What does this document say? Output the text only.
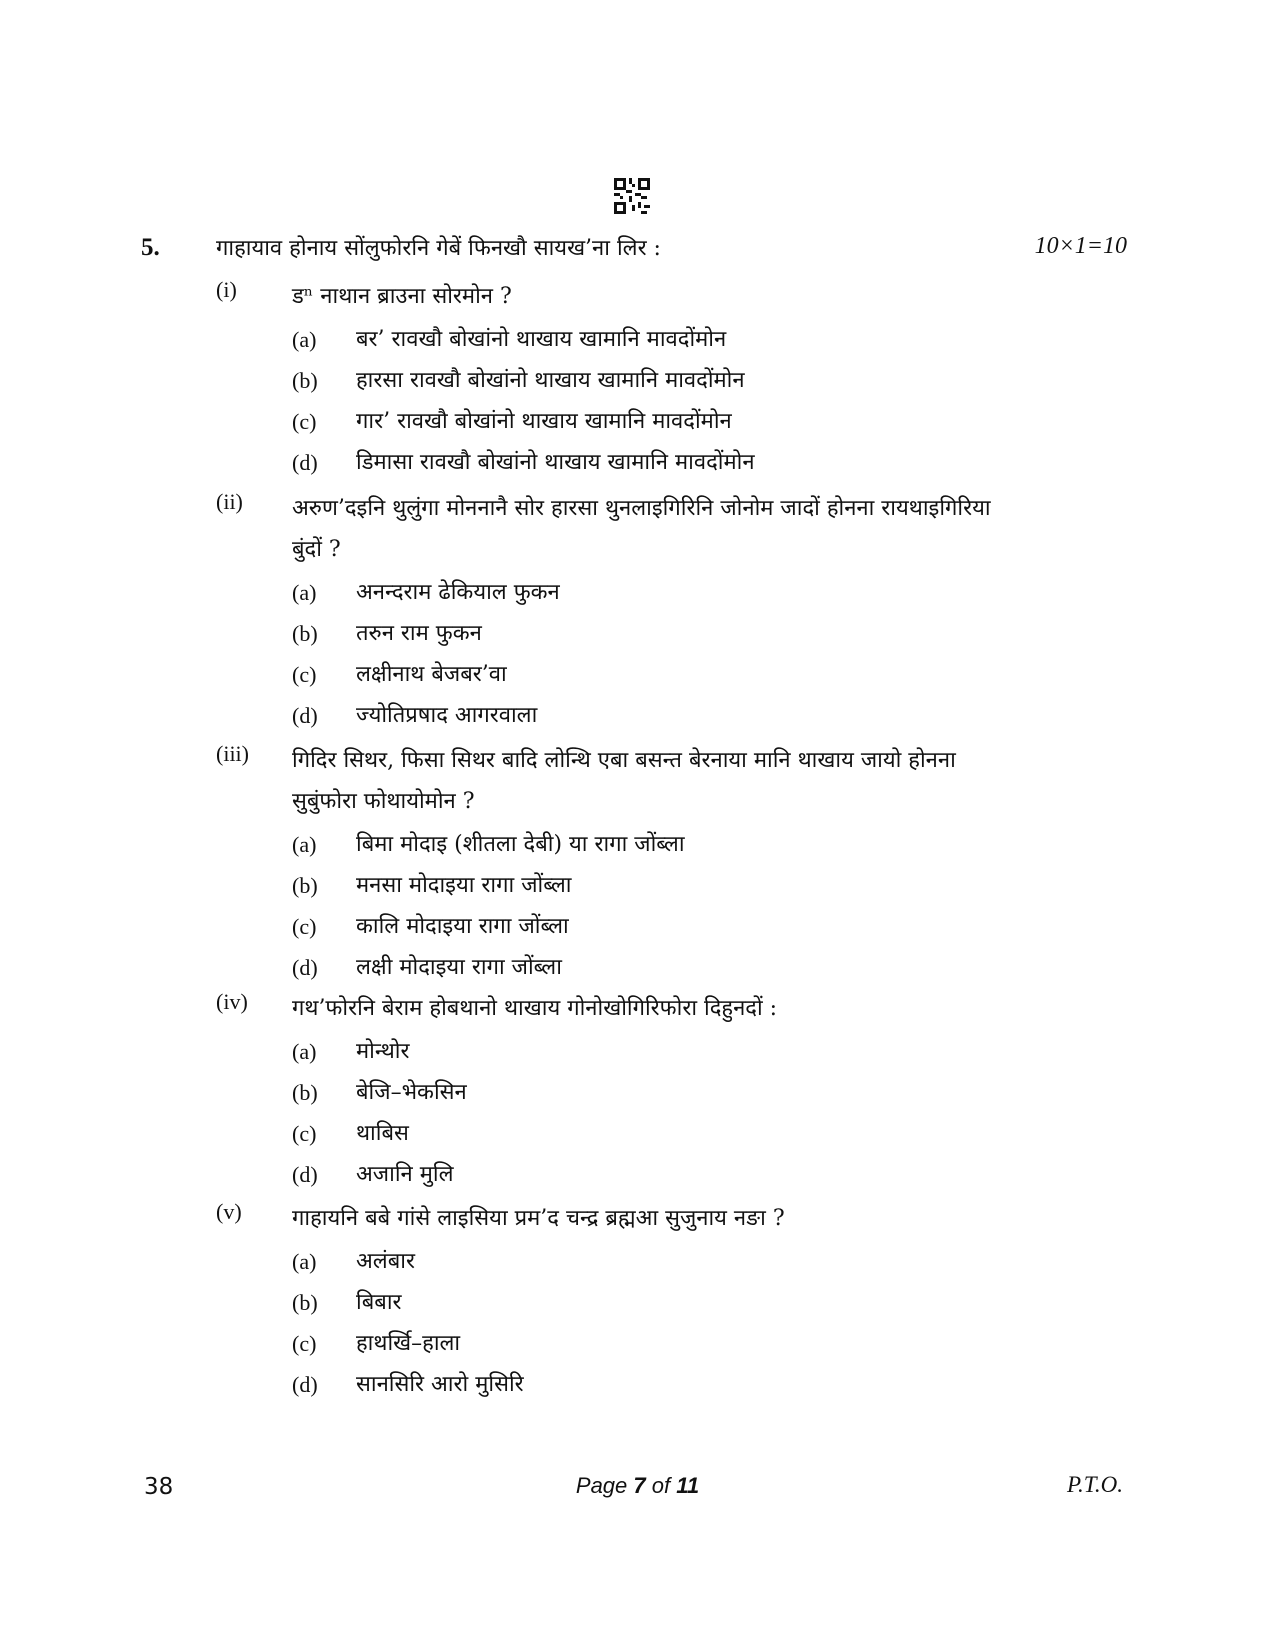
5.	गाहायाव होनाय सोंलुफोरनि गेबें फिनखौ सायख’ना लिर :	10×1=10
(i)	डⁿ नाथान ब्राउना सोरमोन ?
(a) बर’ रावखौ बोखांनो थाखाय खामानि मावदोंमोन
(b) हारसा रावखौ बोखांनो थाखाय खामानि मावदोंमोन
(c) गार’ रावखौ बोखांनो थाखाय खामानि मावदोंमोन
(d) डिमासा रावखौ बोखांनो थाखाय खामानि मावदोंमोन
(ii) अरुण’दइनि थुलुंगा मोननानै सोर हारसा थुनलाइगिरिनि जोनोम जादों होनना रायथाइगिरिया
बुंदों ?
(a) अनन्दराम ढेकियाल फुकन
(b) तरुन राम फुकन
(c) लक्षीनाथ बेजबर’वा
(d) ज्योतिप्रषाद आगरवाला
(iii) गिदिर सिथर, फिसा सिथर बादि लोन्थि एबा बसन्त बेरनाया मानि थाखाय जायो होनना
सुबुंफोरा फोथायोमोन ?
(a) बिमा मोदाइ (शीतला देबी) या रागा जोंब्ला
(b) मनसा मोदाइया रागा जोंब्ला
(c) कालि मोदाइया रागा जोंब्ला
(d) लक्षी मोदाइया रागा जोंब्ला
(iv) गथ’फोरनि बेराम होबथानो थाखाय गोनोखोगिरिफोरा दिहुनदों :
(a) मोन्थोर
(b) बेजि–भेकसिन
(c) थाबिस
(d) अजानि मुलि
(v) गाहायनि बबे गांसे लाइसिया प्रम’द चन्द्र ब्रह्मआ सुजुनाय नङा ?
(a) अलंबार
(b) बिबार
(c) हाथर्खि–हाला
(d) सानसिरि आरो मुसिरि
38	Page 7 of 11	P.T.O.
